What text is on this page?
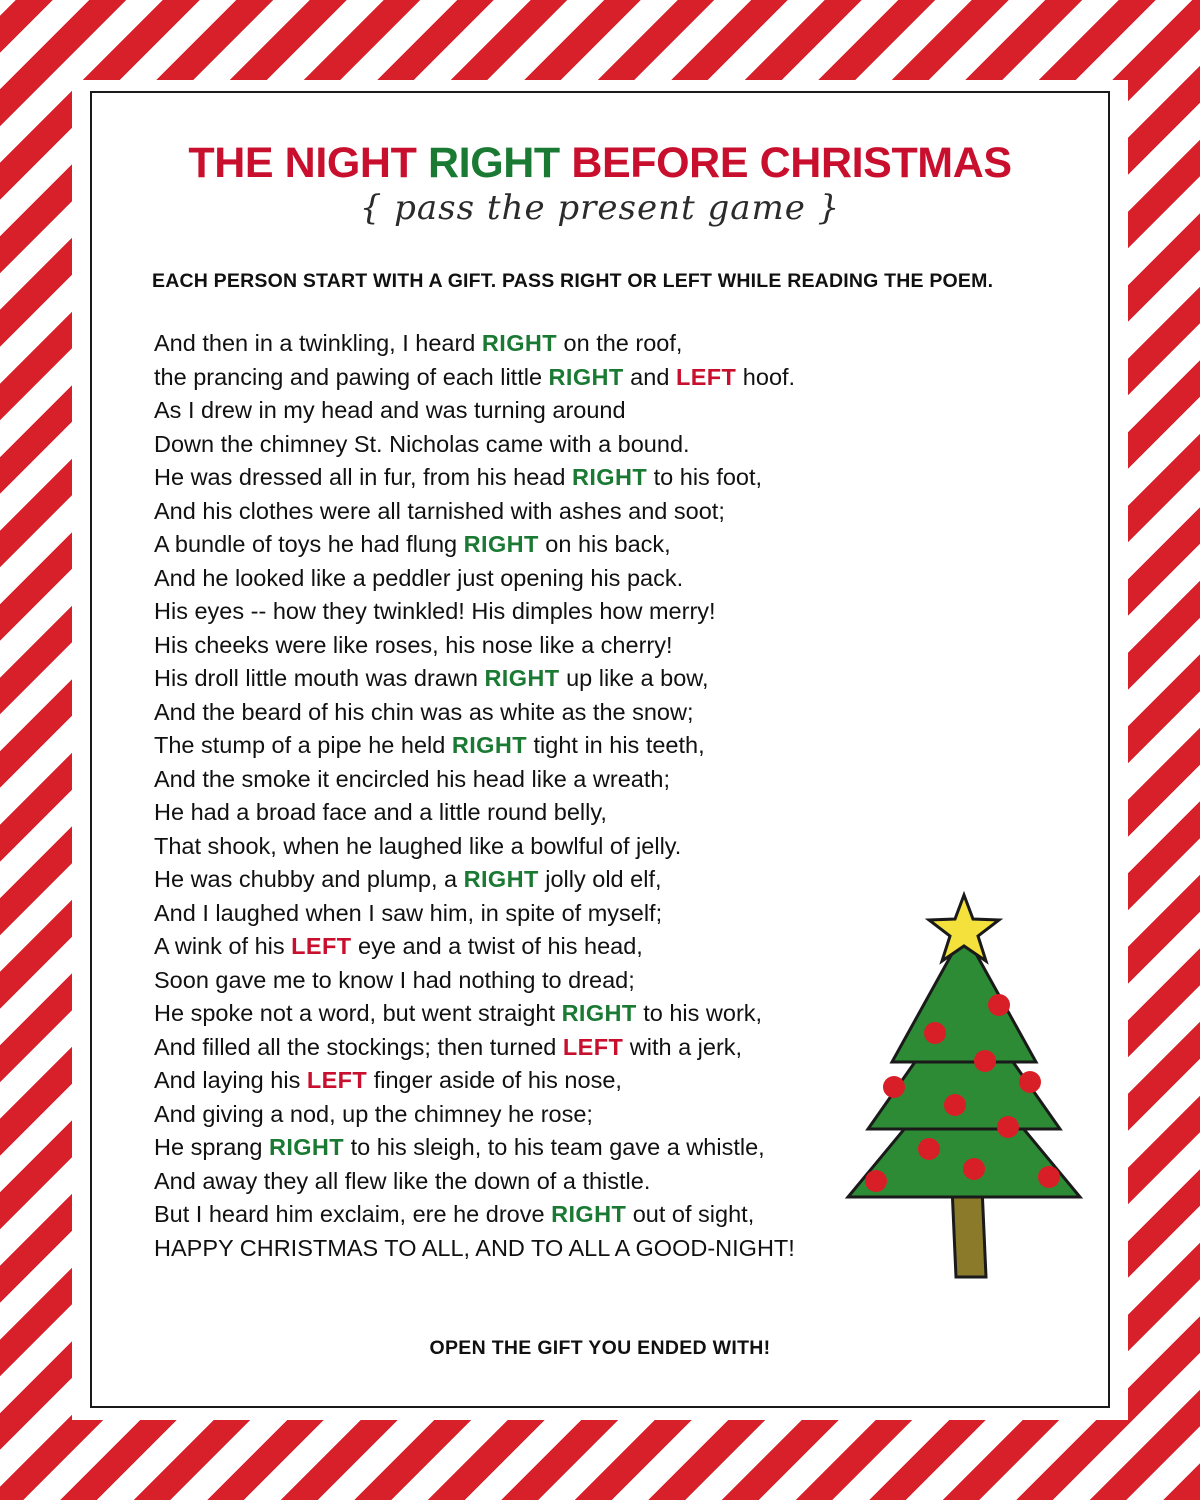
THE NIGHT RIGHT BEFORE CHRISTMAS
{ pass the present game }
EACH PERSON START WITH A GIFT. PASS RIGHT OR LEFT WHILE READING THE POEM.
And then in a twinkling, I heard RIGHT on the roof,
the prancing and pawing of each little RIGHT and LEFT hoof.
As I drew in my head and was turning around
Down the chimney St. Nicholas came with a bound.
He was dressed all in fur, from his head RIGHT to his foot,
And his clothes were all tarnished with ashes and soot;
A bundle of toys he had flung RIGHT on his back,
And he looked like a peddler just opening his pack.
His eyes -- how they twinkled! His dimples how merry!
His cheeks were like roses, his nose like a cherry!
His droll little mouth was drawn RIGHT up like a bow,
And the beard of his chin was as white as the snow;
The stump of a pipe he held RIGHT tight in his teeth,
And the smoke it encircled his head like a wreath;
He had a broad face and a little round belly,
That shook, when he laughed like a bowlful of jelly.
He was chubby and plump, a RIGHT jolly old elf,
And I laughed when I saw him, in spite of myself;
A wink of his LEFT eye and a twist of his head,
Soon gave me to know I had nothing to dread;
He spoke not a word, but went straight RIGHT to his work,
And filled all the stockings; then turned LEFT with a jerk,
And laying his LEFT finger aside of his nose,
And giving a nod, up the chimney he rose;
He sprang RIGHT to his sleigh, to his team gave a whistle,
And away they all flew like the down of a thistle.
But I heard him exclaim, ere he drove RIGHT out of sight,
HAPPY CHRISTMAS TO ALL, AND TO ALL A GOOD-NIGHT!
OPEN THE GIFT YOU ENDED WITH!
